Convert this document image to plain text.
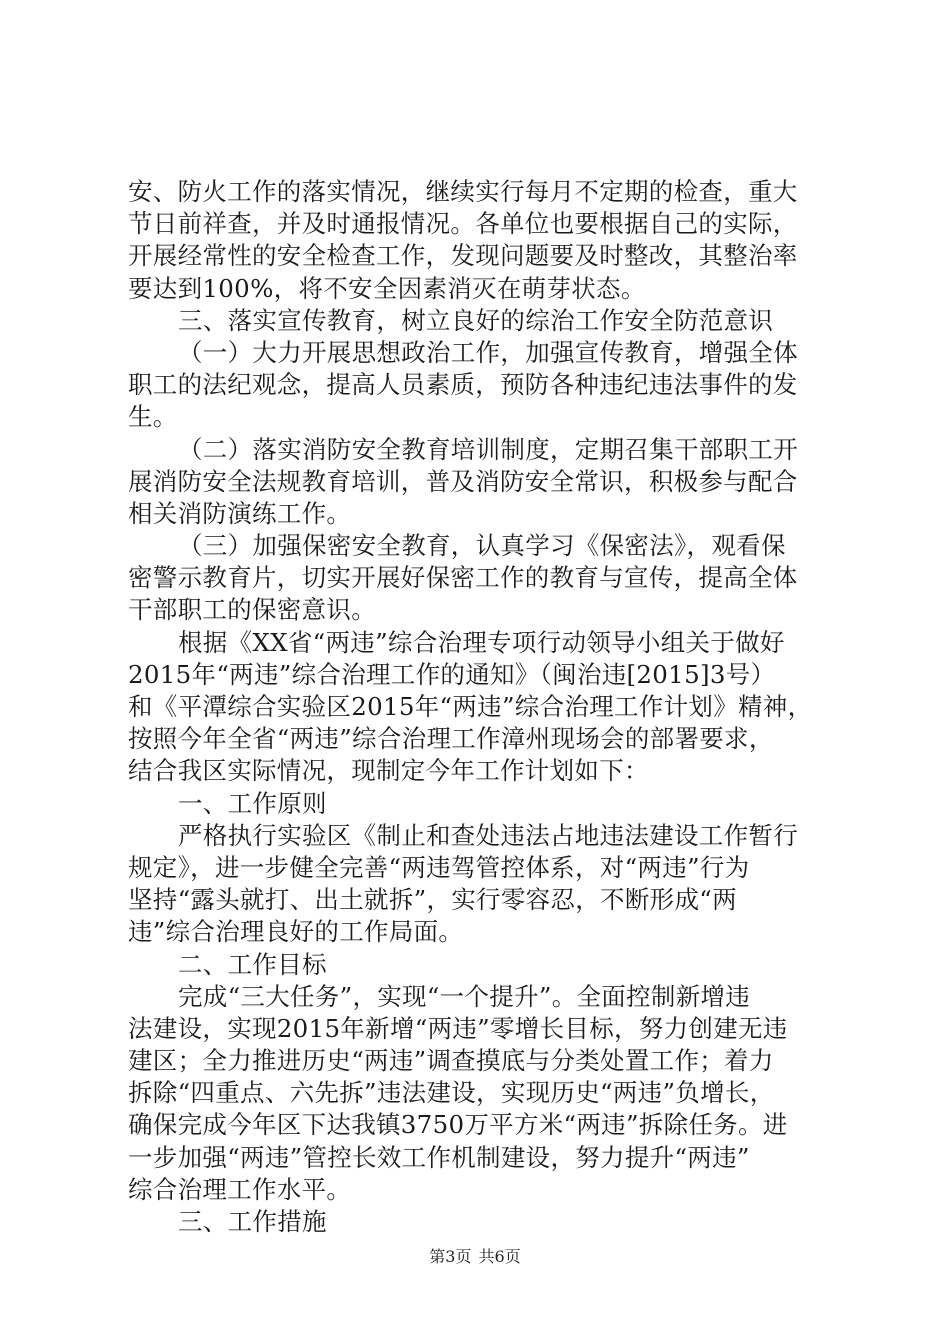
安、防火工作的落实情况，继续实行每月不定期的检查，重大
节日前祥查，并及时通报情况。各单位也要根据自己的实际，
开展经常性的安全检查工作，发现问题要及时整改，其整治率
要达到100%，将不安全因素消灭在萌芽状态。
三、落实宣传教育，树立良好的综治工作安全防范意识
（一）大力开展思想政治工作，加强宣传教育，增强全体
职工的法纪观念，提高人员素质，预防各种违纪违法事件的发
生。
（二）落实消防安全教育培训制度，定期召集干部职工开
展消防安全法规教育培训，普及消防安全常识，积极参与配合
相关消防演练工作。
（三）加强保密安全教育，认真学习《保密法》，观看保
密警示教育片，切实开展好保密工作的教育与宣传，提高全体
干部职工的保密意识。
根据《XX省“两违”综合治理专项行动领导小组关于做好
2015年“两违”综合治理工作的通知》（闽治违[2015]3号）
和《平潭综合实验区2015年“两违”综合治理工作计划》精神，
按照今年全省“两违”综合治理工作漳州现场会的部署要求，
结合我区实际情况，现制定今年工作计划如下：
一、工作原则
严格执行实验区《制止和查处违法占地违法建设工作暂行
规定》，进一步健全完善“两违驾管控体系，对“两违”行为
坚持“露头就打、出土就拆”，实行零容忍，不断形成“两
违”综合治理良好的工作局面。
二、工作目标
完成“三大任务”，实现“一个提升”。全面控制新增违
法建设，实现2015年新增“两违”零增长目标，努力创建无违
建区；全力推进历史“两违”调查摸底与分类处置工作；着力
拆除“四重点、六先拆”违法建设，实现历史“两违”负增长，
确保完成今年区下达我镇3750万平方米“两违”拆除任务。进
一步加强“两违”管控长效工作机制建设，努力提升“两违”
综合治理工作水平。
三、工作措施
第3页 共6页
